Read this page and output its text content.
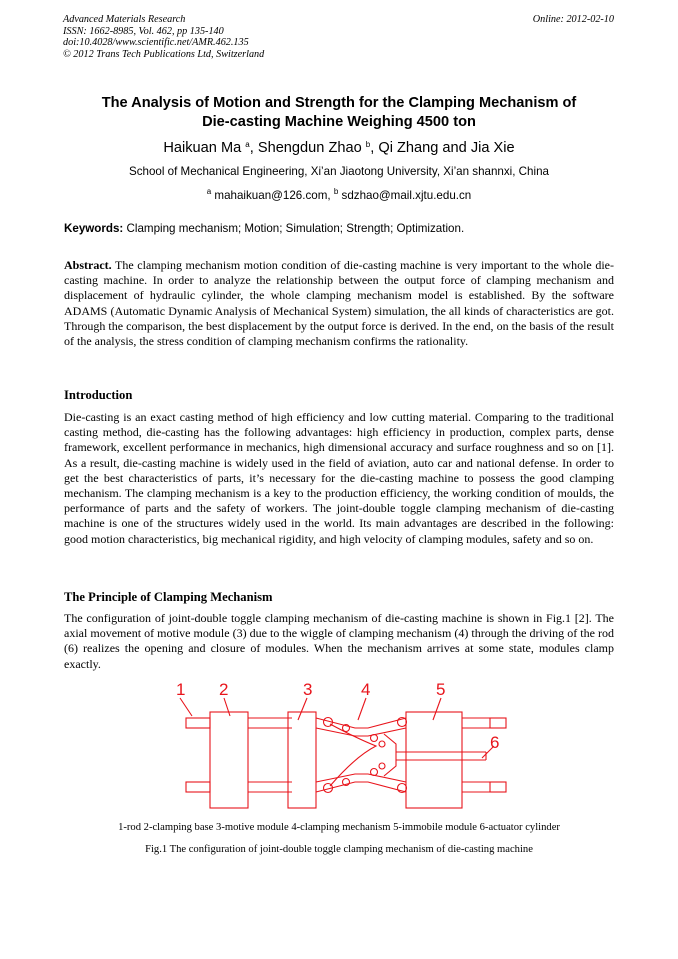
Advanced Materials Research
ISSN: 1662-8985, Vol. 462, pp 135-140
doi:10.4028/www.scientific.net/AMR.462.135
© 2012 Trans Tech Publications Ltd, Switzerland
Online: 2012-02-10
The Analysis of Motion and Strength for the Clamping Mechanism of
Die-casting Machine Weighing 4500 ton
Haikuan Ma $^a$, Shengdun Zhao $^b$, Qi Zhang and Jia Xie
School of Mechanical Engineering, Xi’an Jiaotong University, Xi’an shannxi, China
$^a$ mahaikuan@126.com, $^b$ sdzhao@mail.xjtu.edu.cn
Keywords: Clamping mechanism; Motion; Simulation; Strength; Optimization.
Abstract. The clamping mechanism motion condition of die-casting machine is very important to the whole die-casting machine. In order to analyze the relationship between the output force of clamping mechanism and displacement of hydraulic cylinder, the whole clamping mechanism model is established. By the software ADAMS (Automatic Dynamic Analysis of Mechanical System) simulation, the all kinds of characteristics are got. Through the comparison, the best displacement by the output force is derived. In the end, on the basis of the result of the analysis, the stress condition of clamping mechanism confirms the rationality.
Introduction
Die-casting is an exact casting method of high efficiency and low cutting material. Comparing to the traditional casting method, die-casting has the following advantages: high efficiency in production, complex parts, dense framework, excellent performance in mechanics, high dimensional accuracy and surface roughness and so on [1]. As a result, die-casting machine is widely used in the field of aviation, auto car and national defense. In order to get the best characteristics of parts, it’s necessary for the die-casting machine to possess the good clamping mechanism. The clamping mechanism is a key to the production efficiency, the working condition of moulds, the performance of parts and the safety of workers. The joint-double toggle clamping mechanism of die-casting machine is one of the structures widely used in the world. Its main advantages are described in the following: good motion characteristics, big mechanical rigidity, and high velocity of clamping modules, safety and so on.
The Principle of Clamping Mechanism
The configuration of joint-double toggle clamping mechanism of die-casting machine is shown in Fig.1 [2]. The axial movement of motive module (3) due to the wiggle of clamping mechanism (4) through the driving of the rod (6) realizes the opening and closure of modules. When the mechanism arrives at some state, modules clamp exactly.
1 2	3	4	5
6
1-rod 2-clamping base 3-motive module 4-clamping mechanism 5-immobile module 6-actuator cylinder
Fig.1 The configuration of joint-double toggle clamping mechanism of die-casting machine
